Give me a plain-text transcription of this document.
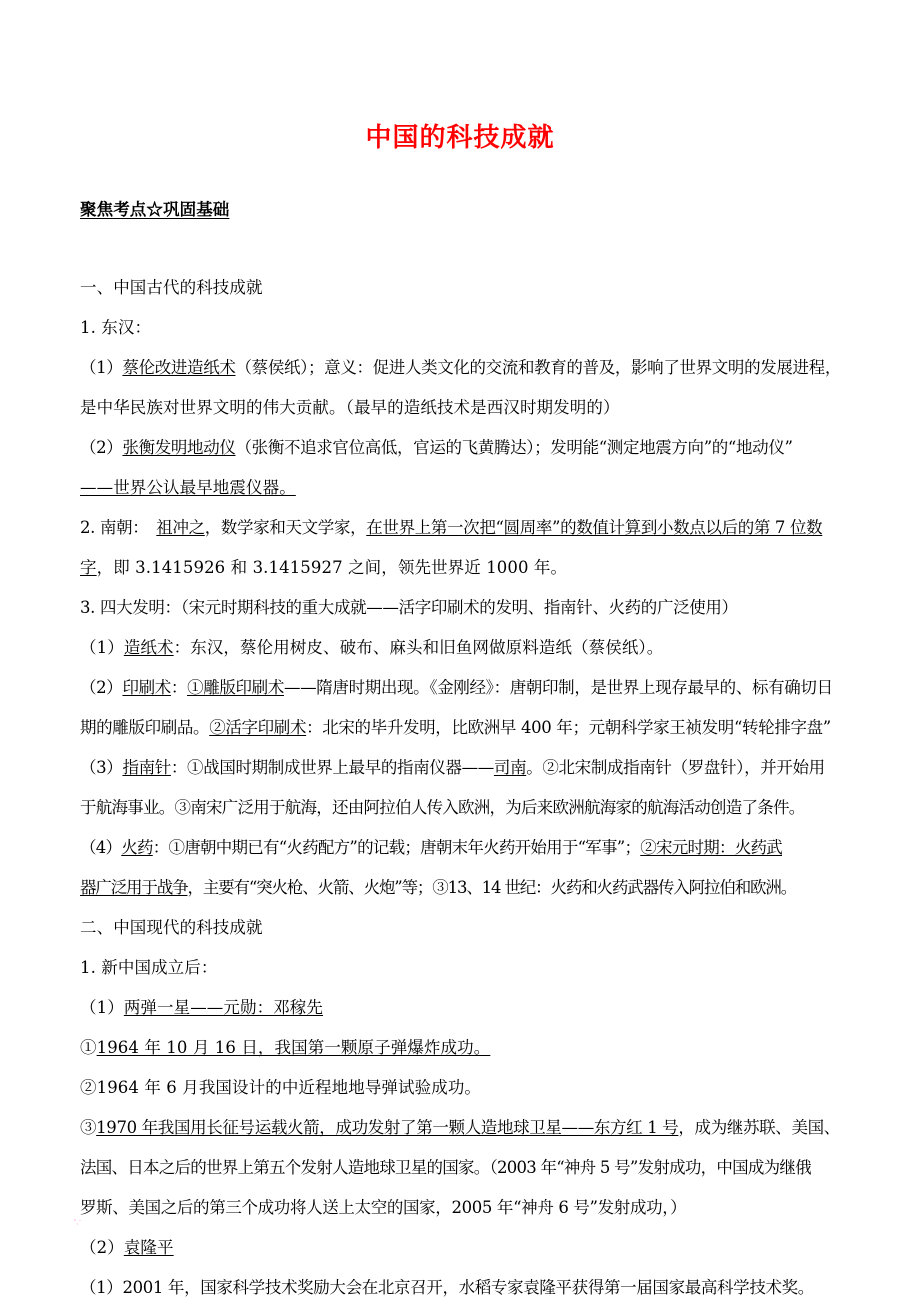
中国的科技成就
聚焦考点☆巩固基础
一、中国古代的科技成就
1. 东汉：
（1）蔡伦改进造纸术（蔡侯纸）；意义：促进人类文化的交流和教育的普及，影响了世界文明的发展进程，
是中华民族对世界文明的伟大贡献。（最早的造纸技术是西汉时期发明的）
（2）张衡发明地动仪（张衡不追求官位高低，官运的飞黄腾达）；发明能“测定地震方向”的“地动仪”
——世界公认最早地震仪器。
2. 南朝：　祖冲之，数学家和天文学家，在世界上第一次把“圆周率”的数值计算到小数点以后的第 7 位数
字，即 3.1415926 和 3.1415927 之间，领先世界近 1000 年。
3. 四大发明：（宋元时期科技的重大成就——活字印刷术的发明、指南针、火药的广泛使用）
（1）造纸术：东汉，蔡伦用树皮、破布、麻头和旧鱼网做原料造纸（蔡侯纸）。
（2）印刷术：①雕版印刷术——隋唐时期出现。《金刚经》：唐朝印制，是世界上现存最早的、标有确切日
期的雕版印刷品。②活字印刷术：北宋的毕升发明，比欧洲早 400 年；元朝科学家王祯发明“转轮排字盘”
（3）指南针：①战国时期制成世界上最早的指南仪器——司南。②北宋制成指南针（罗盘针），并开始用
于航海事业。③南宋广泛用于航海，还由阿拉伯人传入欧洲，为后来欧洲航海家的航海活动创造了条件。
（4）火药：①唐朝中期已有“火药配方”的记载；唐朝末年火药开始用于“军事”；②宋元时期：火药武
器广泛用于战争，主要有“突火枪、火箭、火炮”等；③13、14 世纪：火药和火药武器传入阿拉伯和欧洲。
二、中国现代的科技成就
1. 新中国成立后：
（1）两弹一星——元勋：邓稼先
①1964 年 10 月 16 日，我国第一颗原子弹爆炸成功。
②1964 年 6 月我国设计的中近程地地导弹试验成功。
③1970 年我国用长征号运载火箭，成功发射了第一颗人造地球卫星——东方红 1 号，成为继苏联、美国、
法国、日本之后的世界上第五个发射人造地球卫星的国家。（2003 年“神舟 5 号”发射成功，中国成为继俄
罗斯、美国之后的第三个成功将人送上太空的国家，2005 年“神舟 6 号”发射成功，）
（2）袁隆平
（1）2001 年，国家科学技术奖励大会在北京召开，水稻专家袁隆平获得第一届国家最高科学技术奖。
